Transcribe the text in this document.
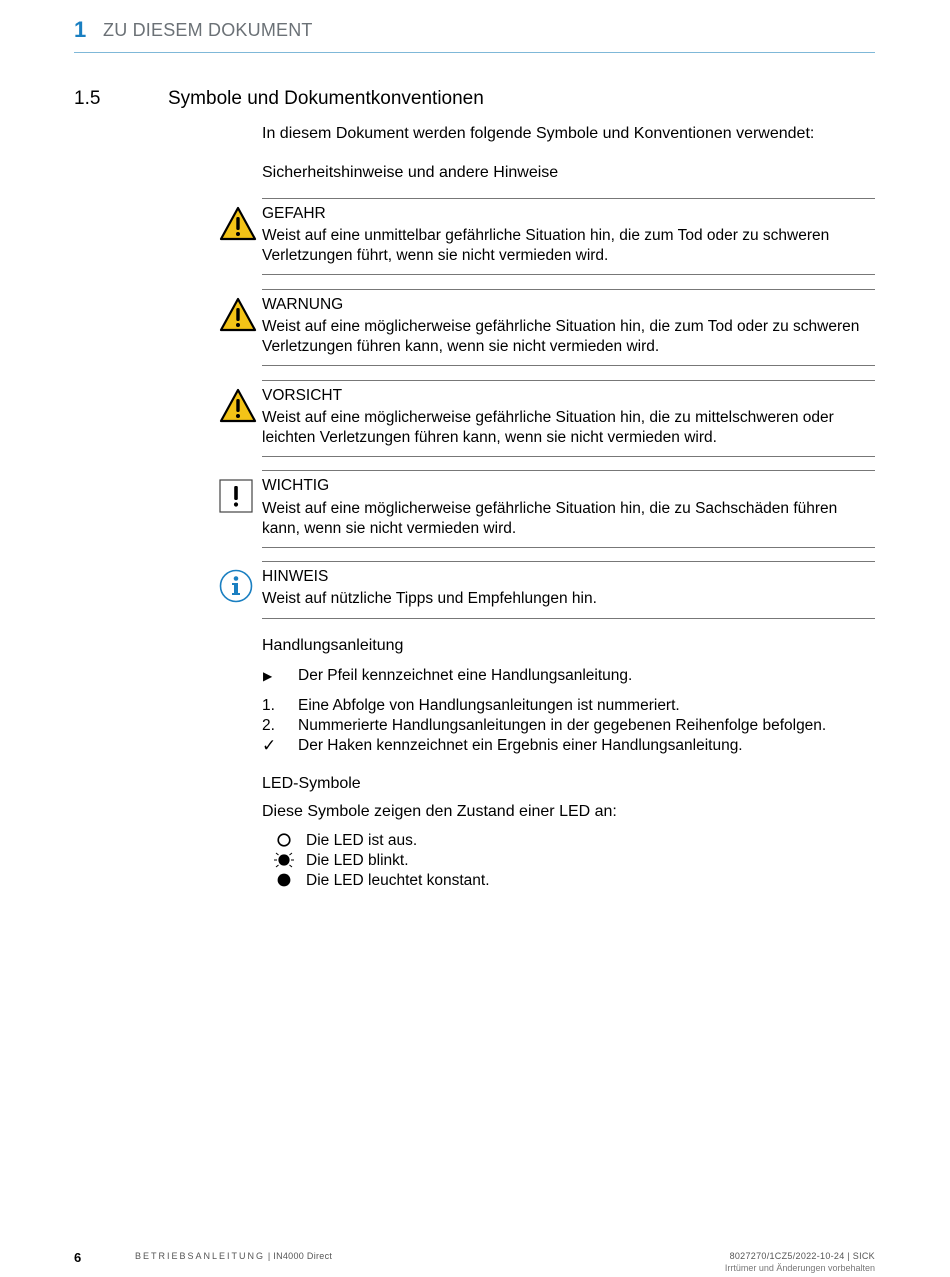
1 ZU DIESEM DOKUMENT
1.5	Symbole und Dokumentkonventionen
In diesem Dokument werden folgende Symbole und Konventionen verwendet:
Sicherheitshinweise und andere Hinweise
GEFAHR
Weist auf eine unmittelbar gefährliche Situation hin, die zum Tod oder zu schweren
Verletzungen führt, wenn sie nicht vermieden wird.
WARNUNG
Weist auf eine möglicherweise gefährliche Situation hin, die zum Tod oder zu schweren
Verletzungen führen kann, wenn sie nicht vermieden wird.
VORSICHT
Weist auf eine möglicherweise gefährliche Situation hin, die zu mittelschweren oder
leichten Verletzungen führen kann, wenn sie nicht vermieden wird.
WICHTIG
Weist auf eine möglicherweise gefährliche Situation hin, die zu Sachschäden führen
kann, wenn sie nicht vermieden wird.
HINWEIS
Weist auf nützliche Tipps und Empfehlungen hin.
Handlungsanleitung
▶ Der Pfeil kennzeichnet eine Handlungsanleitung.
1. Eine Abfolge von Handlungsanleitungen ist nummeriert.
2. Nummerierte Handlungsanleitungen in der gegebenen Reihenfolge befolgen.
✓ Der Haken kennzeichnet ein Ergebnis einer Handlungsanleitung.
LED-Symbole
Diese Symbole zeigen den Zustand einer LED an:
Die LED ist aus.
Die LED blinkt.
Die LED leuchtet konstant.
6	BETRIEBSANLEITUNG | IN4000 Direct	8027270/1CZ5/2022-10-24 | SICK
Irrtümer und Änderungen vorbehalten
